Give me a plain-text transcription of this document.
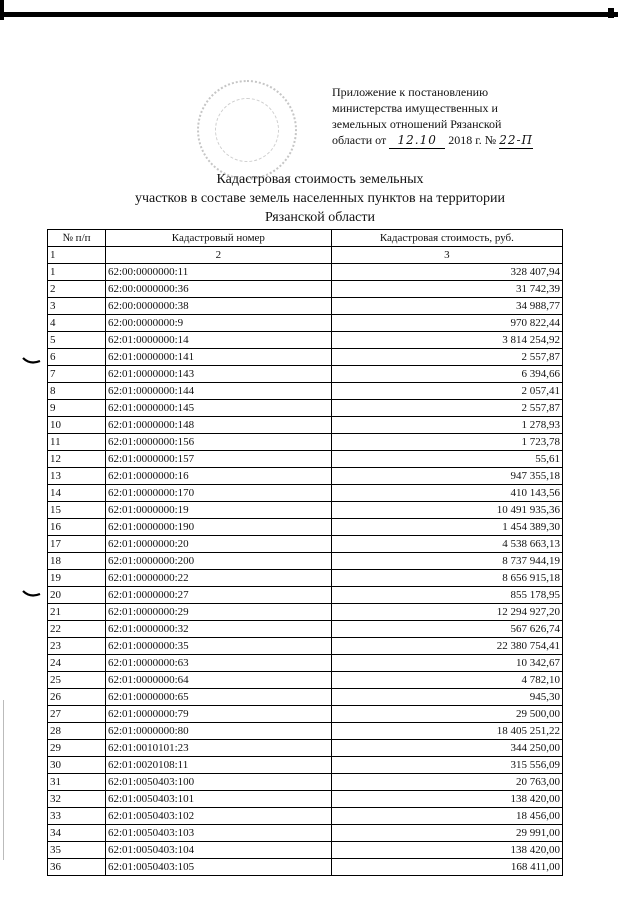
Приложение к постановлению
министерства имущественных и
земельных отношений Рязанской
области от 12.10 2018 г. № 22-П
Кадастровая стоимость земельных
участков в составе земель населенных пунктов на территории
Рязанской области
№ п/п	Кадастровый номер	Кадастровая стоимость, руб.
1	2	3
1	62:00:0000000:11	328 407,94
2	62:00:0000000:36	31 742,39
3	62:00:0000000:38	34 988,77
4	62:00:0000000:9	970 822,44
5	62:01:0000000:14	3 814 254,92
6	62:01:0000000:141	2 557,87
7	62:01:0000000:143	6 394,66
8	62:01:0000000:144	2 057,41
9	62:01:0000000:145	2 557,87
10	62:01:0000000:148	1 278,93
11	62:01:0000000:156	1 723,78
12	62:01:0000000:157	55,61
13	62:01:0000000:16	947 355,18
14	62:01:0000000:170	410 143,56
15	62:01:0000000:19	10 491 935,36
16	62:01:0000000:190	1 454 389,30
17	62:01:0000000:20	4 538 663,13
18	62:01:0000000:200	8 737 944,19
19	62:01:0000000:22	8 656 915,18
20	62:01:0000000:27	855 178,95
21	62:01:0000000:29	12 294 927,20
22	62:01:0000000:32	567 626,74
23	62:01:0000000:35	22 380 754,41
24	62:01:0000000:63	10 342,67
25	62:01:0000000:64	4 782,10
26	62:01:0000000:65	945,30
27	62:01:0000000:79	29 500,00
28	62:01:0000000:80	18 405 251,22
29	62:01:0010101:23	344 250,00
30	62:01:0020108:11	315 556,09
31	62:01:0050403:100	20 763,00
32	62:01:0050403:101	138 420,00
33	62:01:0050403:102	18 456,00
34	62:01:0050403:103	29 991,00
35	62:01:0050403:104	138 420,00
36	62:01:0050403:105	168 411,00
